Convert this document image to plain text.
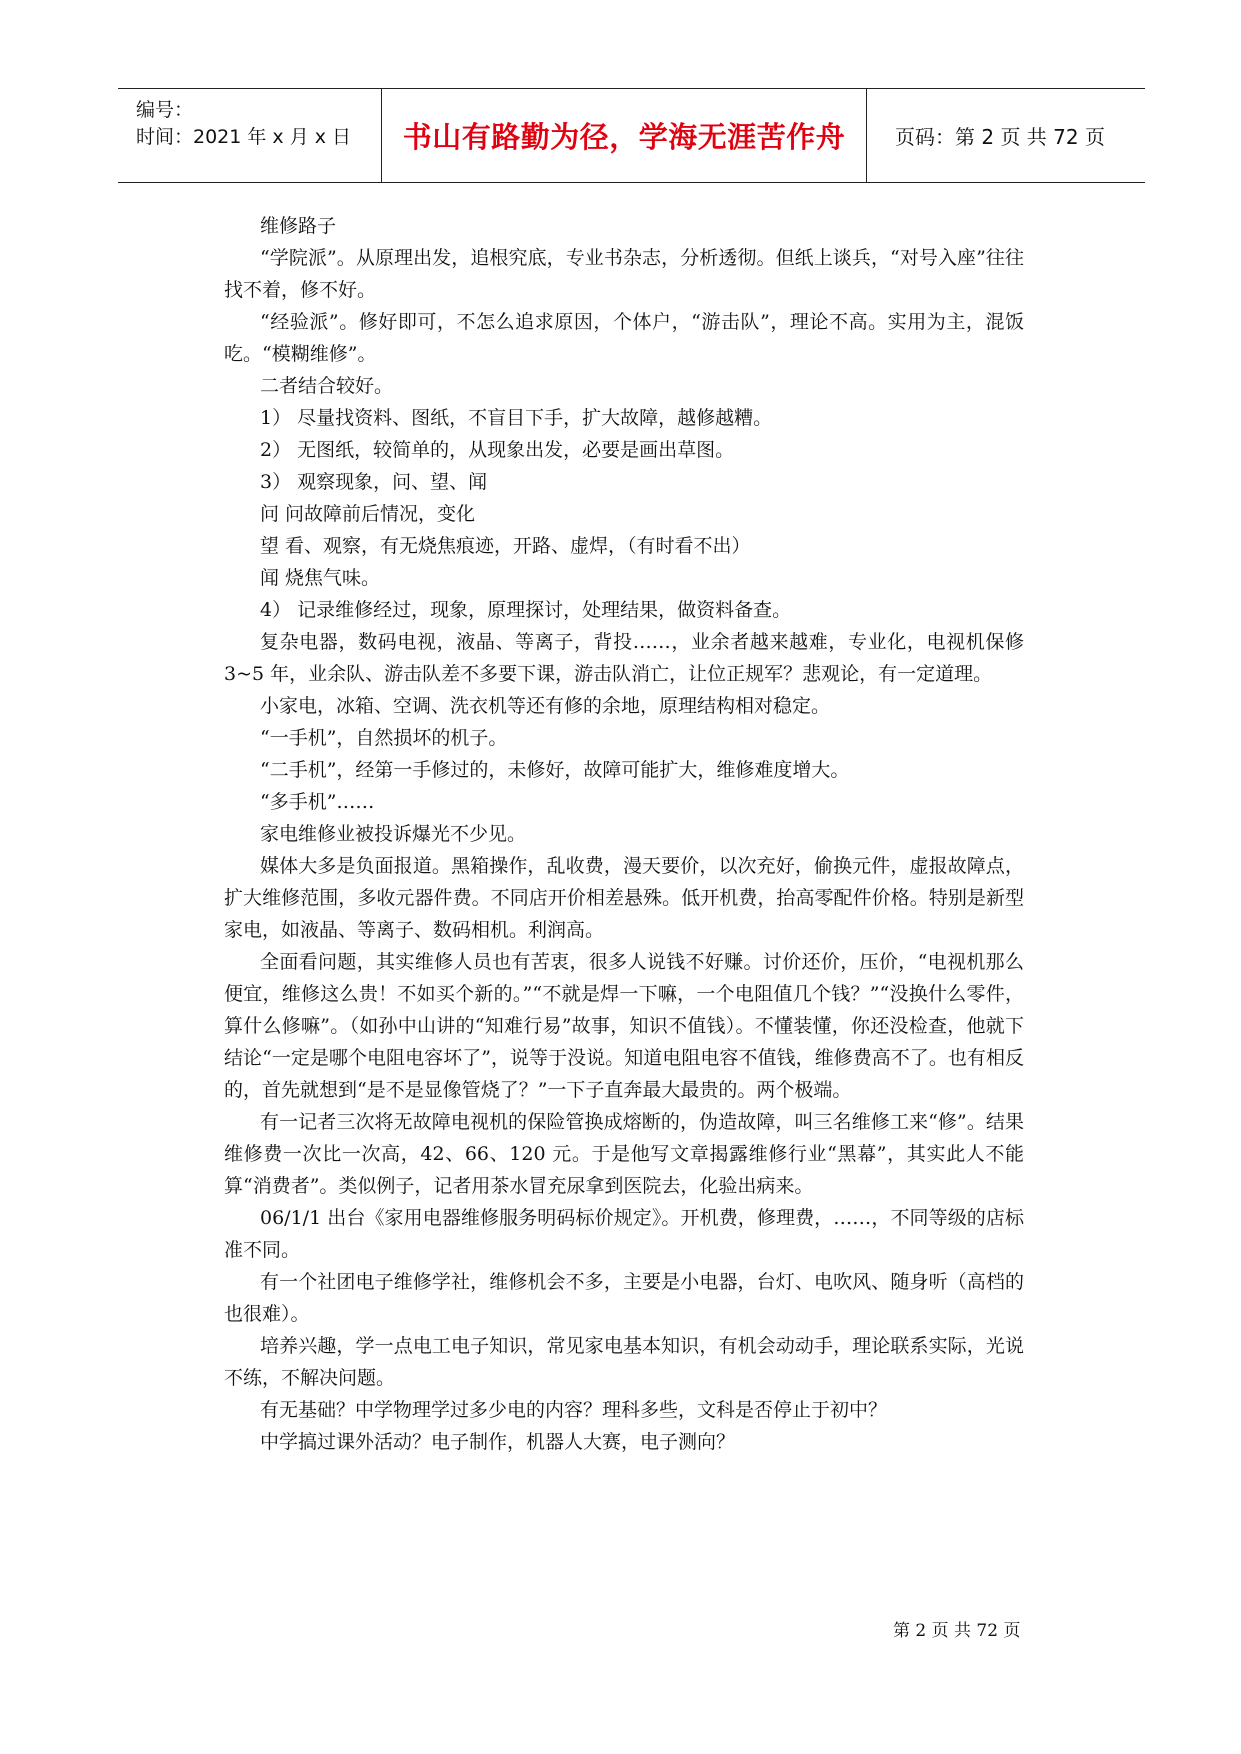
编号：
时间：2021 年 x 月 x 日 书山有路勤为径，学海无涯苦作舟 页码：第 2 页 共 72 页

维修路子

“学院派”。从原理出发，追根究底，专业书杂志，分析透彻。但纸上谈兵，“对号入座”往往找不着，修不好。

“经验派”。修好即可，不怎么追求原因，个体户，“游击队”，理论不高。实用为主，混饭吃。“模糊维修”。

二者结合较好。

1） 尽量找资料、图纸，不盲目下手，扩大故障，越修越糟。

2） 无图纸，较简单的，从现象出发，必要是画出草图。

3） 观察现象，问、望、闻

问 问故障前后情况，变化

望 看、观察，有无烧焦痕迹，开路、虚焊，（有时看不出）

闻 烧焦气味。

4） 记录维修经过，现象，原理探讨，处理结果，做资料备查。

复杂电器，数码电视，液晶、等离子，背投……，业余者越来越难，专业化，电视机保修 3~5 年，业余队、游击队差不多要下课，游击队消亡，让位正规军？悲观论，有一定道理。

小家电，冰箱、空调、洗衣机等还有修的余地，原理结构相对稳定。

“一手机”，自然损坏的机子。

“二手机”，经第一手修过的，未修好，故障可能扩大，维修难度增大。

“多手机”……

家电维修业被投诉爆光不少见。

媒体大多是负面报道。黑箱操作，乱收费，漫天要价，以次充好，偷换元件，虚报故障点，扩大维修范围，多收元器件费。不同店开价相差悬殊。低开机费，抬高零配件价格。特别是新型家电，如液晶、等离子、数码相机。利润高。

全面看问题，其实维修人员也有苦衷，很多人说钱不好赚。讨价还价，压价，“电视机那么便宜，维修这么贵！不如买个新的。”“不就是焊一下嘛，一个电阻值几个钱？”“没换什么零件，算什么修嘛”。（如孙中山讲的“知难行易”故事，知识不值钱）。不懂装懂，你还没检查，他就下结论“一定是哪个电阻电容坏了”，说等于没说。知道电阻电容不值钱，维修费高不了。也有相反的，首先就想到“是不是显像管烧了？”一下子直奔最大最贵的。两个极端。

有一记者三次将无故障电视机的保险管换成熔断的，伪造故障，叫三名维修工来“修”。结果维修费一次比一次高，42、66、120 元。于是他写文章揭露维修行业“黑幕”，其实此人不能算“消费者”。类似例子，记者用茶水冒充尿拿到医院去，化验出病来。

06/1/1 出台《家用电器维修服务明码标价规定》。开机费，修理费，……，不同等级的店标准不同。

有一个社团电子维修学社，维修机会不多，主要是小电器，台灯、电吹风、随身听（高档的也很难）。

培养兴趣，学一点电工电子知识，常见家电基本知识，有机会动动手，理论联系实际，光说不练，不解决问题。

有无基础？中学物理学过多少电的内容？理科多些，文科是否停止于初中？

中学搞过课外活动？电子制作，机器人大赛，电子测向？

第 2 页 共 72 页
